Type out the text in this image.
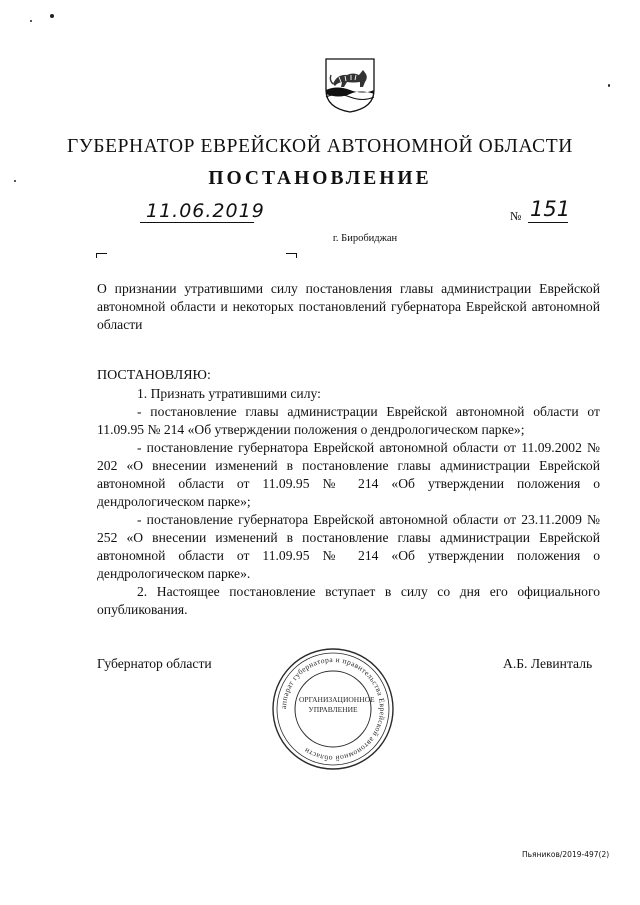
ГУБЕРНАТОР ЕВРЕЙСКОЙ АВТОНОМНОЙ ОБЛАСТИ
ПОСТАНОВЛЕНИЕ
11.06.2019	№ 151
г. Биробиджан

О признании утратившими силу постановления главы администрации Еврейской автономной области и некоторых постановлений губернатора Еврейской автономной области

ПОСТАНОВЛЯЮ:

1. Признать утратившими силу:

- постановление главы администрации Еврейской автономной области от 11.09.95 № 214 «Об утверждении положения о дендрологическом парке»;

- постановление губернатора Еврейской автономной области от 11.09.2002 № 202 «О внесении изменений в постановление главы администрации Еврейской автономной области от 11.09.95 № 214 «Об утверждении положения о дендрологическом парке»;

- постановление губернатора Еврейской автономной области от 23.11.2009 № 252 «О внесении изменений в постановление главы администрации Еврейской автономной области от 11.09.95 № 214 «Об утверждении положения о дендрологическом парке».

2. Настоящее постановление вступает в силу со дня его официального опубликования.

Губернатор области	А.Б. Левинталь
аппарат губернатора и правительства Еврейской автономной области
ОРГАНИЗАЦИОННОЕ УПРАВЛЕНИЕ
Пьяников/2019-497(2)
